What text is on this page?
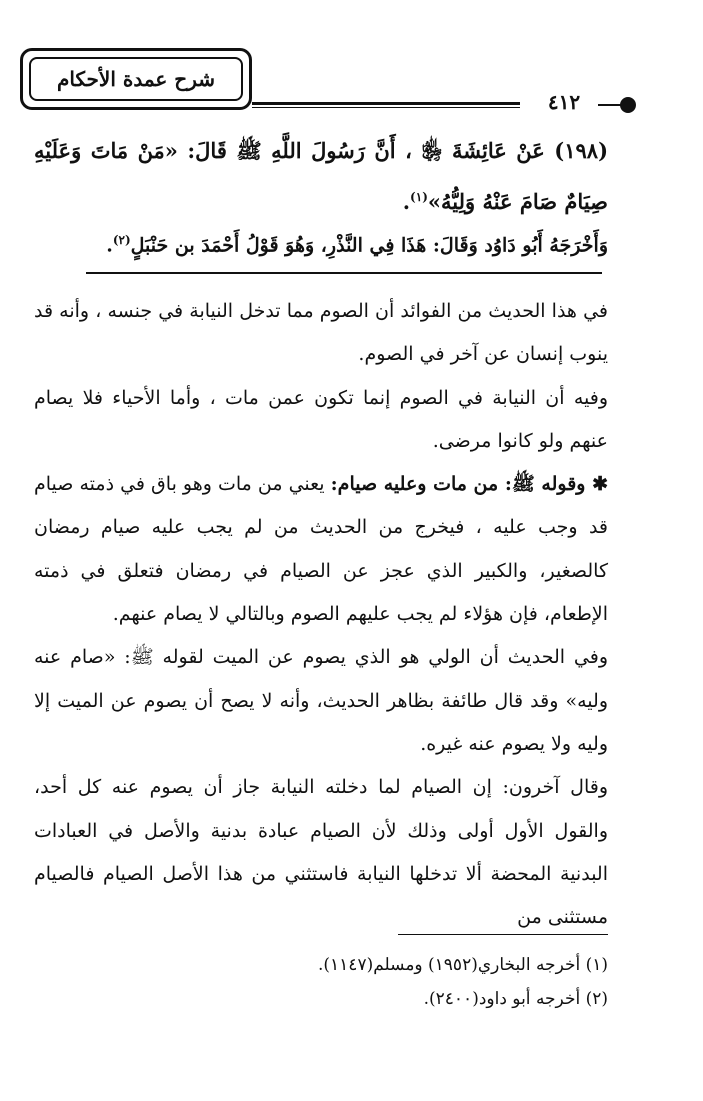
شرح عمدة الأحكام
٤١٢
(١٩٨) عَنْ عَائِشَةَ ﵂ ، أَنَّ رَسُولَ اللَّهِ ﷺ قَالَ: «مَنْ مَاتَ وَعَلَيْهِ صِيَامٌ صَامَ عَنْهُ وَلِيُّهُ»$^{(١)}$.
وَأَخْرَجَهُ أَبُو دَاوُد وَقَالَ: هَذَا فِي النَّذْرِ، وَهُوَ قَوْلُ أَحْمَدَ بن حَنْبَلٍ$^{(٢)}$.

في هذا الحديث من الفوائد أن الصوم مما تدخل النيابة في جنسه ، وأنه قد ينوب إنسان عن آخر في الصوم.

وفيه أن النيابة في الصوم إنما تكون عمن مات ، وأما الأحياء فلا يصام عنهم ولو كانوا مرضى.

✱ وقوله ﷺ: من مات وعليه صيام: يعني من مات وهو باق في ذمته صيام قد وجب عليه ، فيخرج من الحديث من لم يجب عليه صيام رمضان كالصغير، والكبير الذي عجز عن الصيام في رمضان فتعلق في ذمته الإطعام، فإن هؤلاء لم يجب عليهم الصوم وبالتالي لا يصام عنهم.

وفي الحديث أن الولي هو الذي يصوم عن الميت لقوله ﷺ: «صام عنه وليه» وقد قال طائفة بظاهر الحديث، وأنه لا يصح أن يصوم عن الميت إلا وليه ولا يصوم عنه غيره.

وقال آخرون: إن الصيام لما دخلته النيابة جاز أن يصوم عنه كل أحد، والقول الأول أولى وذلك لأن الصيام عبادة بدنية والأصل في العبادات البدنية المحضة ألا تدخلها النيابة فاستثني من هذا الأصل الصيام فالصيام مستثنى من

(١) أخرجه البخاري(١٩٥٢) ومسلم(١١٤٧).
(٢) أخرجه أبو داود(٢٤٠٠).
